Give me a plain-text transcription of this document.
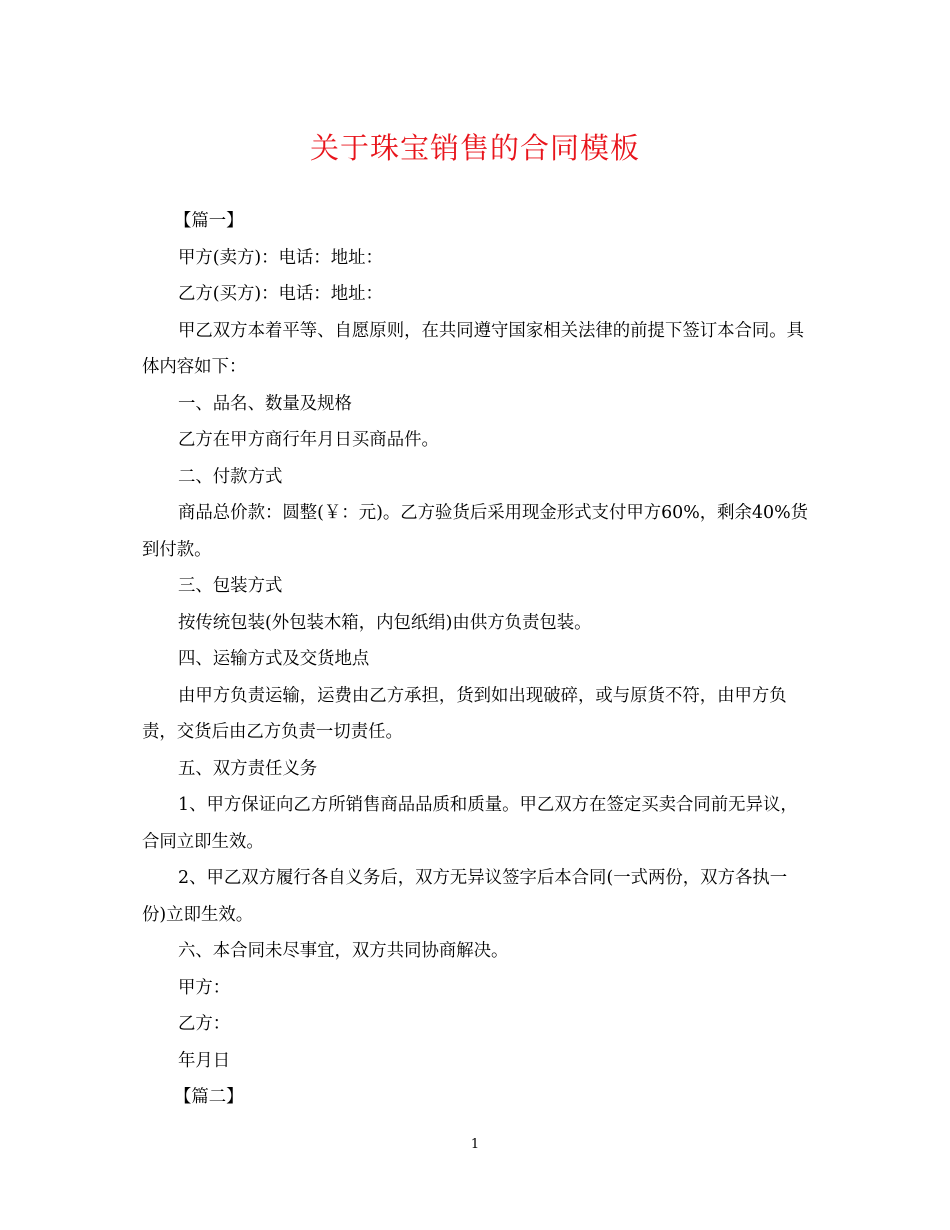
关于珠宝销售的合同模板

【篇一】

甲方(卖方)：电话：地址：

乙方(买方)：电话：地址：

甲乙双方本着平等、自愿原则，在共同遵守国家相关法律的前提下签订本合同。具体内容如下：

一、品名、数量及规格

乙方在甲方商行年月日买商品件。

二、付款方式

商品总价款：圆整(￥：元)。乙方验货后采用现金形式支付甲方60%，剩余40%货到付款。

三、包装方式

按传统包装(外包装木箱，内包纸绢)由供方负责包装。

四、运输方式及交货地点

由甲方负责运输，运费由乙方承担，货到如出现破碎，或与原货不符，由甲方负责，交货后由乙方负责一切责任。

五、双方责任义务

1、甲方保证向乙方所销售商品品质和质量。甲乙双方在签定买卖合同前无异议，合同立即生效。

2、甲乙双方履行各自义务后，双方无异议签字后本合同(一式两份，双方各执一份)立即生效。

六、本合同未尽事宜，双方共同协商解决。

甲方：

乙方：

年月日

【篇二】

1
